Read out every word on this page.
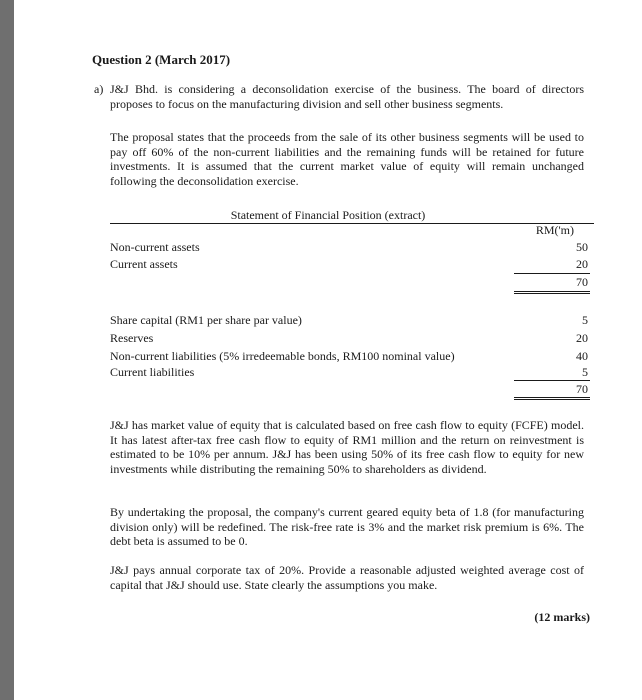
Question 2 (March 2017)
a) J&J Bhd. is considering a deconsolidation exercise of the business. The board of directors proposes to focus on the manufacturing division and sell other business segments.
The proposal states that the proceeds from the sale of its other business segments will be used to pay off 60% of the non-current liabilities and the remaining funds will be retained for future investments. It is assumed that the current market value of equity will remain unchanged following the deconsolidation exercise.
Statement of Financial Position (extract)
RM('m)
Non-current assets	50
Current assets	20
70
Share capital (RM1 per share par value)	5
Reserves	20
Non-current liabilities (5% irredeemable bonds, RM100 nominal value)	40
Current liabilities	5
70
J&J has market value of equity that is calculated based on free cash flow to equity (FCFE) model. It has latest after-tax free cash flow to equity of RM1 million and the return on reinvestment is estimated to be 10% per annum. J&J has been using 50% of its free cash flow to equity for new investments while distributing the remaining 50% to shareholders as dividend.
By undertaking the proposal, the company's current geared equity beta of 1.8 (for manufacturing division only) will be redefined. The risk-free rate is 3% and the market risk premium is 6%. The debt beta is assumed to be 0.
J&J pays annual corporate tax of 20%. Provide a reasonable adjusted weighted average cost of capital that J&J should use. State clearly the assumptions you make.
(12 marks)
